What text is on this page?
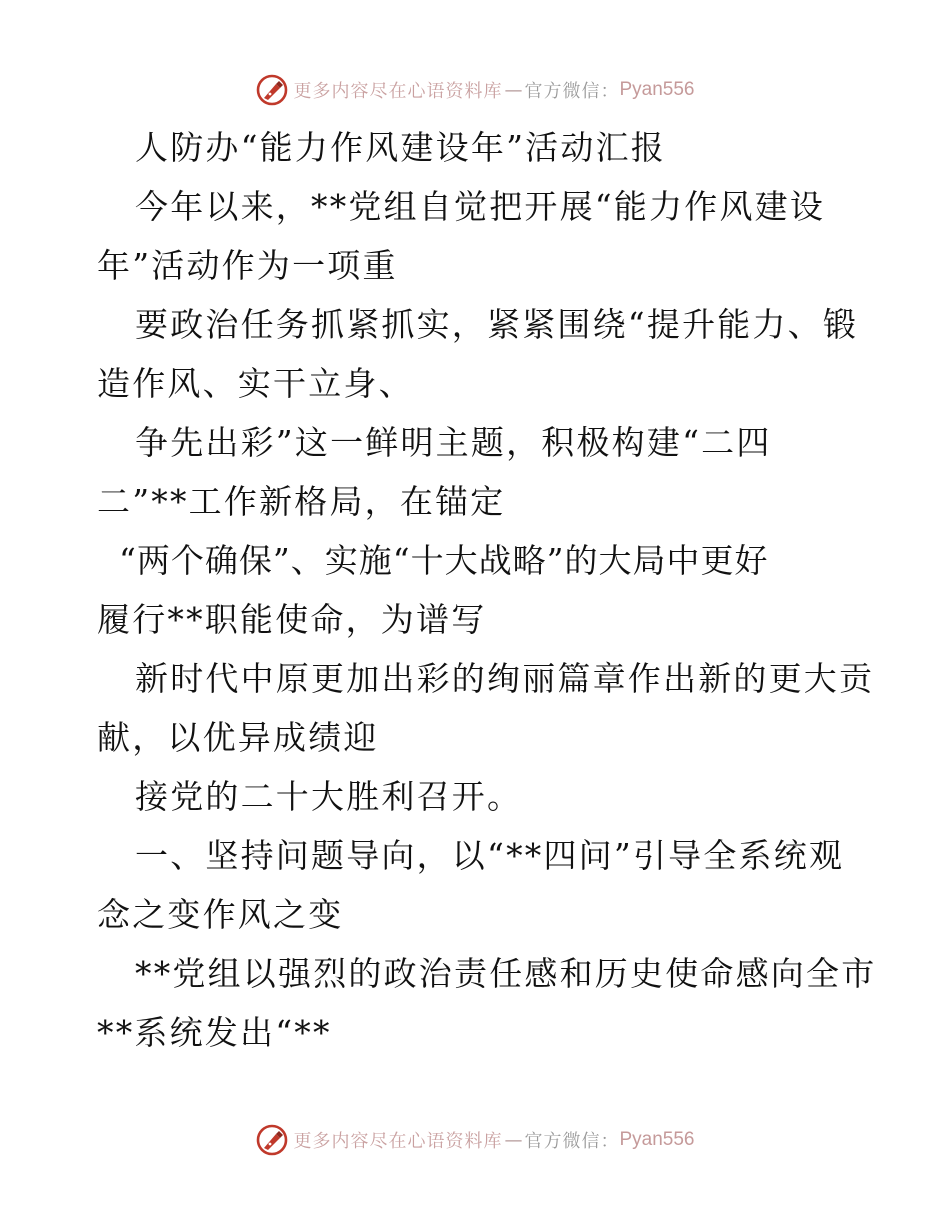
更多内容尽在心语资料库 — 官方微信： Pyan556
人防办“能力作风建设年”活动汇报
今年以来，**党组自觉把开展“能力作风建设
年”活动作为一项重
要政治任务抓紧抓实，紧紧围绕“提升能力、锻
造作风、实干立身、
争先出彩”这一鲜明主题，积极构建“二四
二”**工作新格局，在锚定
“两个确保”、实施“十大战略”的大局中更好
履行**职能使命，为谱写
新时代中原更加出彩的绚丽篇章作出新的更大贡
献，以优异成绩迎
接党的二十大胜利召开。
一、坚持问题导向，以“**四问”引导全系统观
念之变作风之变
**党组以强烈的政治责任感和历史使命感向全市
**系统发出“**
更多内容尽在心语资料库 — 官方微信： Pyan556
